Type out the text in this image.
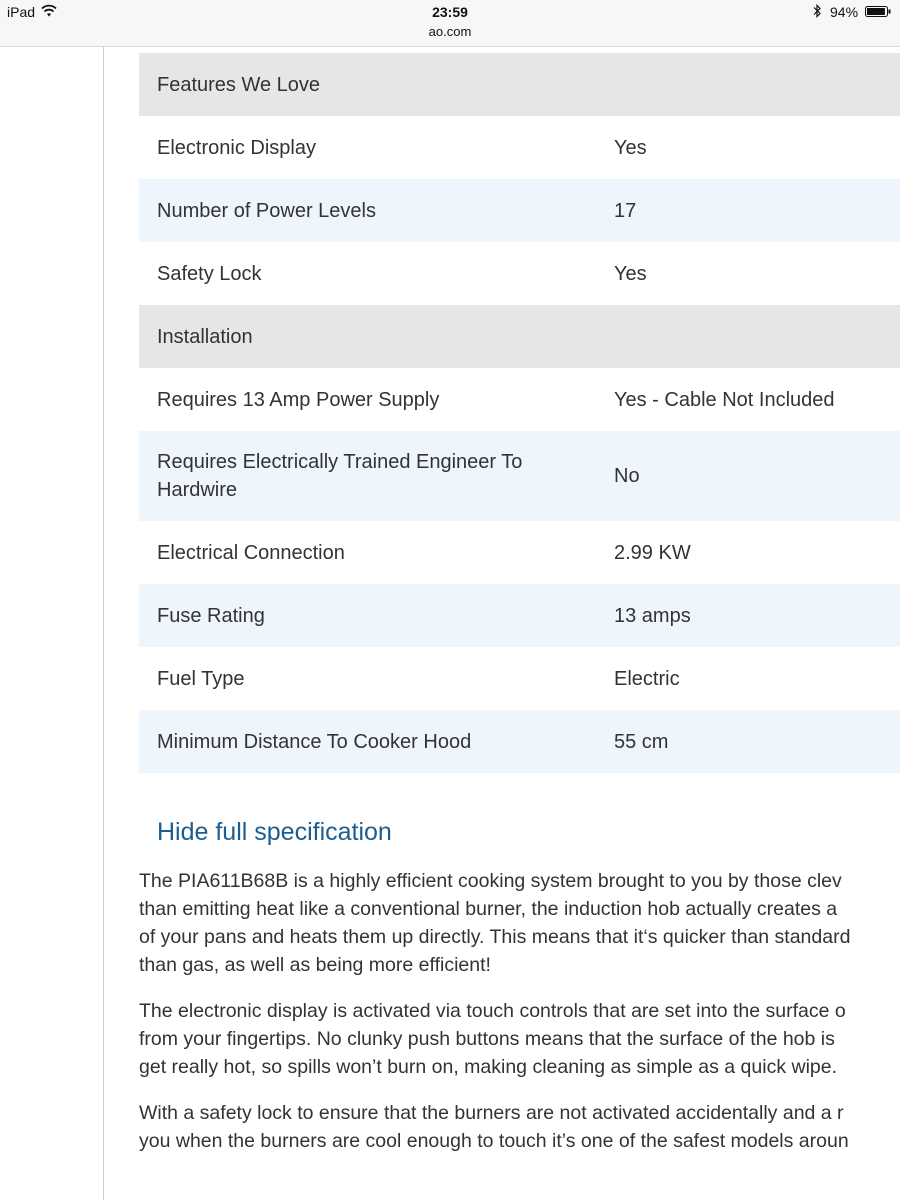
iPad	23:59
ao.com
94%
Features We Love	
Electronic Display	Yes
Number of Power Levels	17
Safety Lock	Yes
Installation	
Requires 13 Amp Power Supply	Yes - Cable Not Included
Requires Electrically Trained Engineer To Hardwire	No
Electrical Connection	2.99 KW
Fuse Rating	13 amps
Fuel Type	Electric
Minimum Distance To Cooker Hood	55 cm
Hide full specification
The PIA611B68B is a highly efficient cooking system brought to you by those clev
than emitting heat like a conventional burner, the induction hob actually creates a
of your pans and heats them up directly. This means that it‘s quicker than standard
than gas, as well as being more efficient!
The electronic display is activated via touch controls that are set into the surface o
from your fingertips. No clunky push buttons means that the surface of the hob is
get really hot, so spills won’t burn on, making cleaning as simple as a quick wipe.
With a safety lock to ensure that the burners are not activated accidentally and a r
you when the burners are cool enough to touch it’s one of the safest models aroun
